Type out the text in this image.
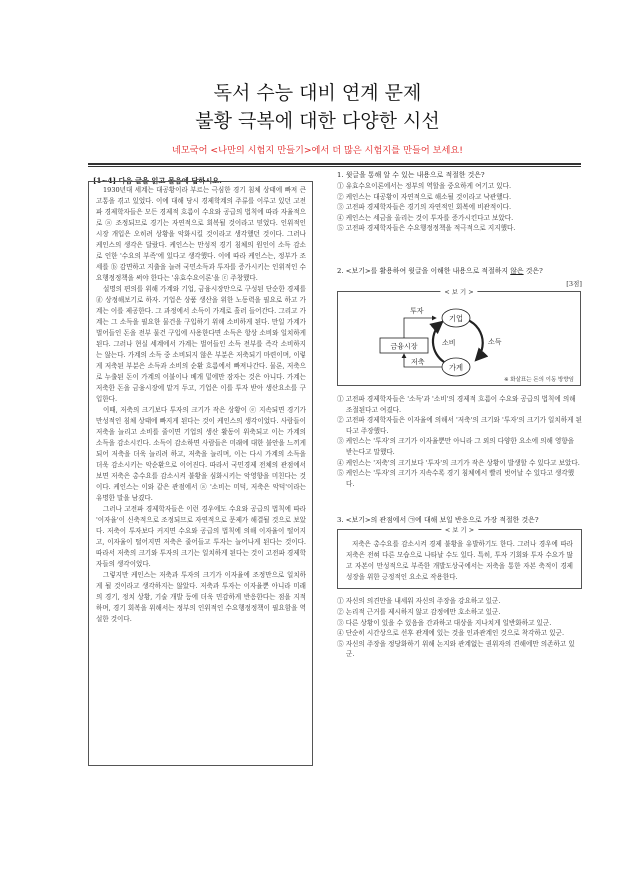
독서 수능 대비 연계 문제
불황 극복에 대한 다양한 시선
네모국어 <나만의 시험지 만들기>에서 더 많은 시험지를 만들어 보세요!
[1~4] 다음 글을 읽고 물음에 답하시오.

1930년대 세계는 대공황이라 부르는 극심한 경기 침체 상태에 빠져 큰 고통을 겪고 있었다. 이에 대해 당시 경제학계의 주류를 이루고 있던 고전파 경제학자들은 모든 경제적 흐름이 수요와 공급의 법칙에 따라 자율적으로 ⓐ 조정되므로 경기는 자연적으로 회복될 것이라고 믿었다. 인위적인 시장 개입은 오히려 상황을 악화시킬 것이라고 생각했던 것이다. 그러나 케인스의 생각은 달랐다. 케인스는 만성적 경기 침체의 원인이 소득 감소로 인한 '수요의 부족'에 있다고 생각했다. 이에 따라 케인스는, 정부가 조세를 ⓑ 감면하고 지출을 늘려 국민소득과 투자를 증가시키는 인위적인 수요행정정책을 써야 한다는 '유효수요이론'을 ⓒ 주창했다.

설명의 편의를 위해 가계와 기업, 금융시장만으로 구성된 단순한 경제를 ⓓ 상정해보기로 하자. 기업은 상품 생산을 위한 노동력을 필요로 하고 가계는 이를 제공한다. 그 과정에서 소득이 가계로 흘러 들어간다. 그리고 가계는 그 소득을 필요한 물건을 구입하기 위해 소비하게 된다. 만일 가계가 벌어들인 돈을 전부 물건 구입에 사용한다면 소득은 항상 소비와 일치하게 된다. 그러나 현실 세계에서 가계는 벌어들인 소득 전부를 즉각 소비하지는 않는다. 가계의 소득 중 소비되지 않은 부분은 저축되기 마련이며, 이렇게 저축된 부분은 소득과 소비의 순환 흐름에서 빠져나간다. 물론, 저축으로 누출된 돈이 가계의 이불이나 베개 밑에만 잠자는 것은 아니다. 가계는 저축한 돈을 금융시장에 맡겨 두고, 기업은 이를 투자 받아 생산요소를 구입한다.

이때, 저축의 크기보다 투자의 크기가 작은 상황이 ⓔ 지속되면 경기가 만성적인 침체 상태에 빠지게 된다는 것이 케인스의 생각이었다. 사람들이 저축을 늘리고 소비를 줄이면 기업의 생산 활동이 위축되고 이는 가계의 소득을 감소시킨다. 소득이 감소하면 사람들은 미래에 대한 불안을 느끼게 되어 저축을 더욱 늘리려 하고, 저축을 늘리며, 이는 다시 가계의 소득을 더욱 감소시키는 악순환으로 이어진다. 따라서 국민경제 전체의 관점에서 보면 저축은 총수요를 감소시켜 불황을 심화시키는 악영향을 미친다는 것이다. 케인스는 이와 같은 관점에서 ⓐ '소비는 미덕, 저축은 악덕'이라는 유명한 말을 남겼다.

그러나 고전파 경제학자들은 이런 경우에도 수요와 공급의 법칙에 따라 '이자율'이 신축적으로 조정되므로 자연적으로 문제가 해결될 것으로 보았다. 저축이 투자보다 커지면 수요와 공급의 법칙에 의해 이자율이 떨어지고, 이자율이 떨어지면 저축은 줄어들고 투자는 늘어나게 된다는 것이다. 따라서 저축의 크기와 투자의 크기는 일치하게 된다는 것이 고전파 경제학자들의 생각이었다.

그렇지만 케인스는 저축과 투자의 크기가 이자율에 조정만으로 일치하게 될 것이라고 생각하지는 않았다. 저축과 투자는 이자율뿐 아니라 미래의 경기, 정치 상황, 기술 개발 등에 더욱 민감하게 반응한다는 점을 지적하며, 경기 회복을 위해서는 정부의 인위적인 수요행정정책이 필요함을 역설한 것이다.

1. 윗글을 통해 알 수 있는 내용으로 적절한 것은?

① 유효수요이론에서는 정부의 역할을 중요하게 여기고 있다.

② 케인스는 대공황이 자연적으로 해소될 것이라고 낙관했다.

③ 고전파 경제학자들은 경기의 자연적인 회복에 비관적이다.

④ 케인스는 세금을 올리는 것이 투자를 증가시킨다고 보았다.

⑤ 고전파 경제학자들은 수요행정정책을 적극적으로 지지했다.

2. <보기>를 활용하여 윗글을 이해한 내용으로 적절하지 않은 것은?

[3점]
< 보 기 >
투자
기업
금융시장	소비	소득
저축
가계
※ 화살표는 돈의 이동 방향임

① 고전파 경제학자들은 '소득'과 '소비'의 경제적 흐름이 수요와 공급의 법칙에 의해 조절된다고 여겼다.

② 고전파 경제학자들은 이자율에 의해서 '저축'의 크기와 '투자'의 크기가 일치하게 된다고 주장했다.

③ 케인스는 '투자'의 크기가 이자율뿐만 아니라 그 외의 다양한 요소에 의해 영향을 받는다고 말했다.

④ 케인스는 '저축'의 크기보다 '투자'의 크기가 작은 상황이 발생할 수 있다고 보았다.

⑤ 케인스는 '투자'의 크기가 지속수록 경기 침체에서 빨리 벗어날 수 있다고 생각했다.

3. <보기>의 관점에서 ㉠에 대해 보일 반응으로 가장 적절한 것은?

< 보 기 >

저축은 총수요를 감소시켜 경제 불황을 유발하기도 한다. 그러나 경우에 따라 저축은 전혀 다른 모습으로 나타날 수도 있다. 특히, 투자 기회와 투자 수요가 많고 자본이 만성적으로 부족한 개발도상국에서는 저축을 통한 자본 축적이 경제 성장을 위한 긍정적인 요소로 작용한다.

① 자신의 의견만을 내세워 자신의 주장을 강요하고 있군.

② 논리적 근거를 제시하지 않고 감정에만 호소하고 있군.

③ 다른 상황이 있을 수 있음을 간과하고 대상을 지나치게 일반화하고 있군.

④ 단순히 시간상으로 선후 관계에 있는 것을 인과관계인 것으로 착각하고 있군.

⑤ 자신의 주장을 정당화하기 위해 논지와 관계없는 권위자의 견해에만 의존하고 있군.
